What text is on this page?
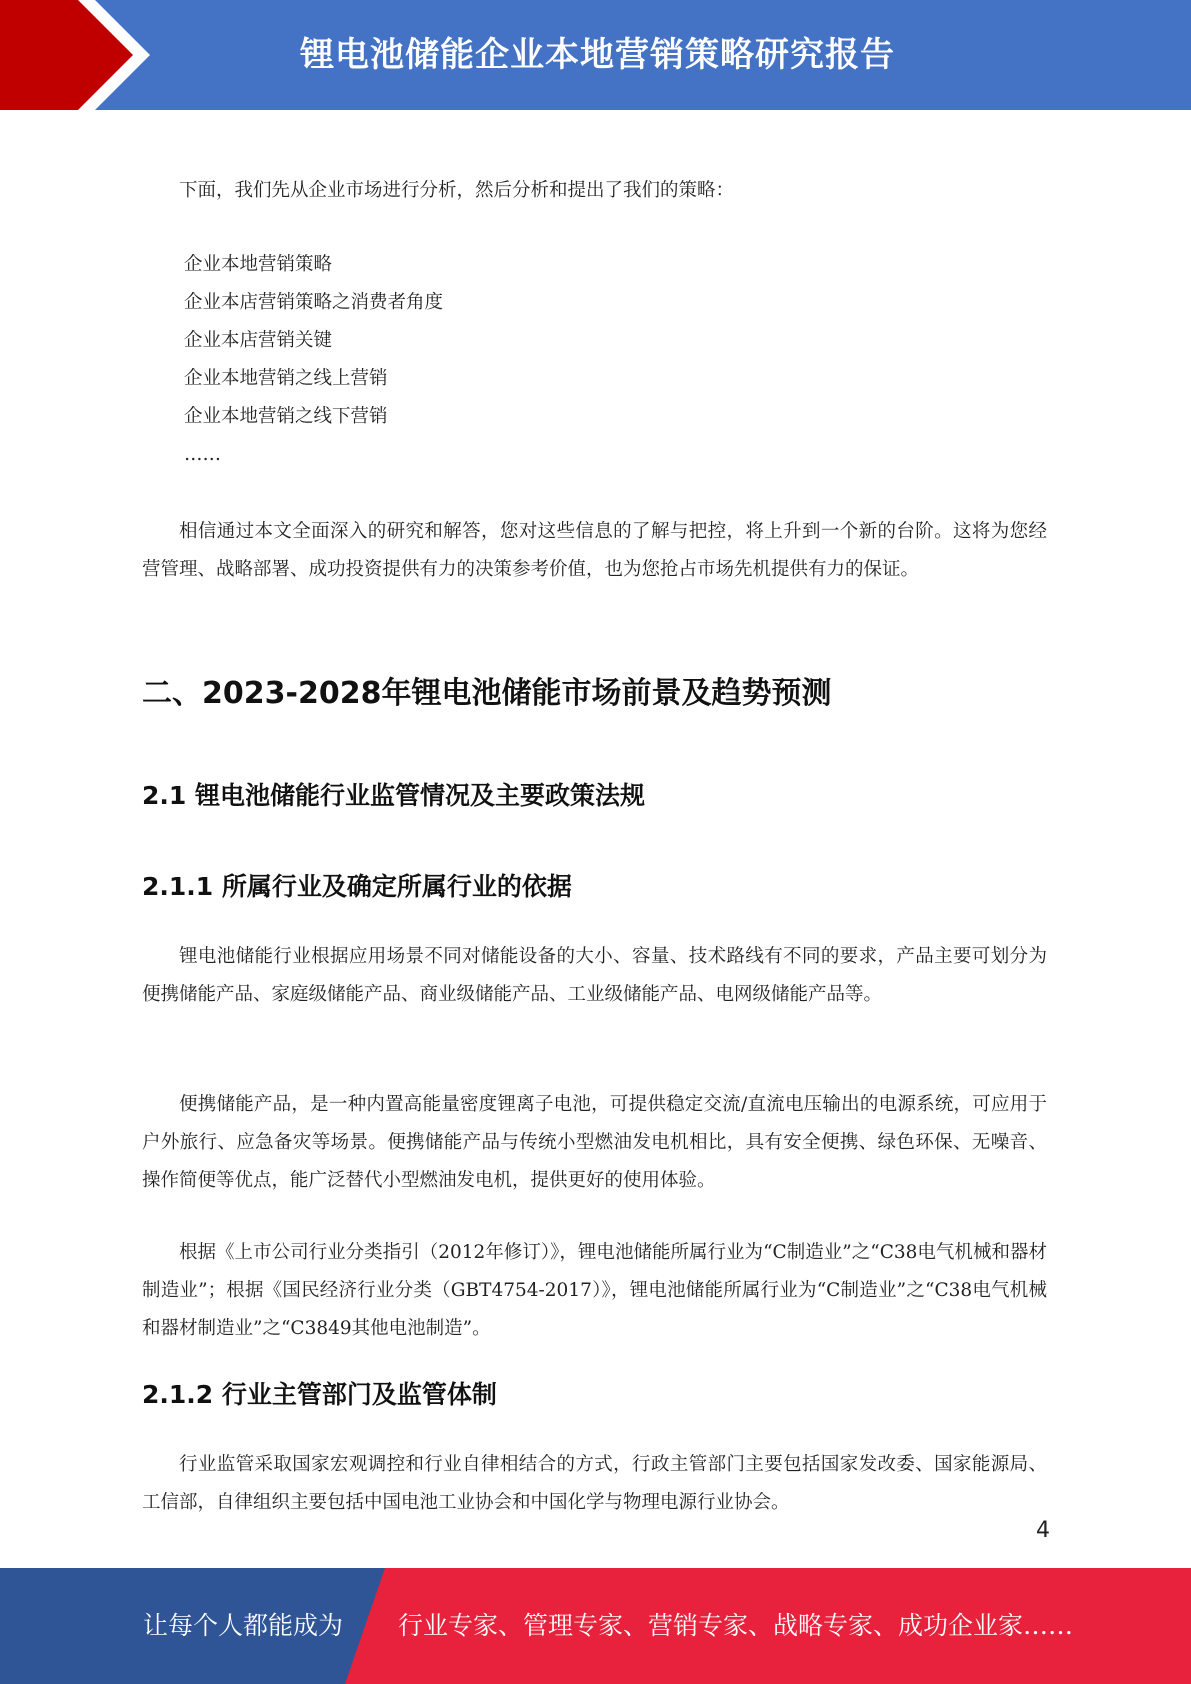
锂电池储能企业本地营销策略研究报告

下面，我们先从企业市场进行分析，然后分析和提出了我们的策略：

企业本地营销策略
企业本店营销策略之消费者角度
企业本店营销关键
企业本地营销之线上营销
企业本地营销之线下营销
……

相信通过本文全面深入的研究和解答，您对这些信息的了解与把控，将上升到一个新的台阶。这将为您经营管理、战略部署、成功投资提供有力的决策参考价值，也为您抢占市场先机提供有力的保证。

二、2023-2028年锂电池储能市场前景及趋势预测
2.1 锂电池储能行业监管情况及主要政策法规
2.1.1 所属行业及确定所属行业的依据

锂电池储能行业根据应用场景不同对储能设备的大小、容量、技术路线有不同的要求，产品主要可划分为便携储能产品、家庭级储能产品、商业级储能产品、工业级储能产品、电网级储能产品等。

便携储能产品，是一种内置高能量密度锂离子电池，可提供稳定交流/直流电压输出的电源系统，可应用于户外旅行、应急备灾等场景。便携储能产品与传统小型燃油发电机相比，具有安全便携、绿色环保、无噪音、操作简便等优点，能广泛替代小型燃油发电机，提供更好的使用体验。

根据《上市公司行业分类指引（2012年修订）》，锂电池储能所属行业为“C制造业”之“C38电气机械和器材制造业”；根据《国民经济行业分类（GBT4754-2017）》，锂电池储能所属行业为“C制造业”之“C38电气机械和器材制造业”之“C3849其他电池制造”。

2.1.2 行业主管部门及监管体制

行业监管采取国家宏观调控和行业自律相结合的方式，行政主管部门主要包括国家发改委、国家能源局、工信部，自律组织主要包括中国电池工业协会和中国化学与物理电源行业协会。

4
让每个人都能成为 行业专家、管理专家、营销专家、战略专家、成功企业家……
